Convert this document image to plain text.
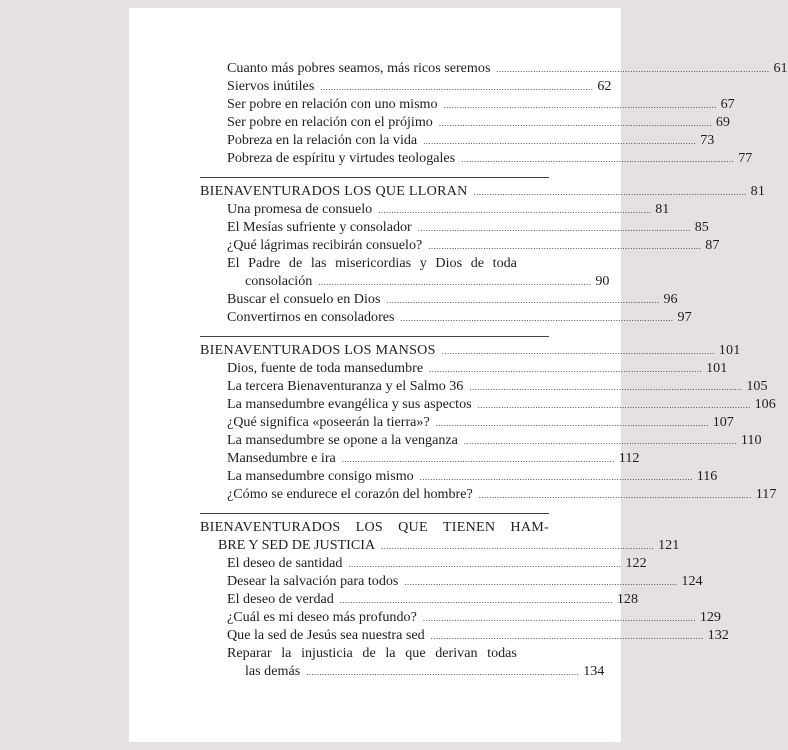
Cuanto más pobres seamos, más ricos seremos ........................................................................................................ 61
Siervos inútiles ........................................................................................................ 62
Ser pobre en relación con uno mismo ........................................................................................................ 67
Ser pobre en relación con el prójimo ........................................................................................................ 69
Pobreza en la relación con la vida ........................................................................................................ 73
Pobreza de espíritu y virtudes teologales ........................................................................................................ 77
BIENAVENTURADOS LOS QUE LLORAN ........................................................................................................ 81
Una promesa de consuelo ........................................................................................................ 81
El Mesías sufriente y consolador ........................................................................................................ 85
¿Qué lágrimas recibirán consuelo? ........................................................................................................ 87
El Padre de las misericordias y Dios de toda
consolación ........................................................................................................ 90
Buscar el consuelo en Dios ........................................................................................................ 96
Convertirnos en consoladores ........................................................................................................ 97
BIENAVENTURADOS LOS MANSOS ........................................................................................................ 101
Dios, fuente de toda mansedumbre ........................................................................................................ 101
La tercera Bienaventuranza y el Salmo 36 ........................................................................................................ 105
La mansedumbre evangélica y sus aspectos ........................................................................................................ 106
¿Qué significa «poseerán la tierra»? ........................................................................................................ 107
La mansedumbre se opone a la venganza ........................................................................................................ 110
Mansedumbre e ira ........................................................................................................ 112
La mansedumbre consigo mismo ........................................................................................................ 116
¿Cómo se endurece el corazón del hombre? ........................................................................................................ 117
BIENAVENTURADOS LOS QUE TIENEN HAM-
BRE Y SED DE JUSTICIA ........................................................................................................ 121
El deseo de santidad ........................................................................................................ 122
Desear la salvación para todos ........................................................................................................ 124
El deseo de verdad ........................................................................................................ 128
¿Cuál es mi deseo más profundo? ........................................................................................................ 129
Que la sed de Jesús sea nuestra sed ........................................................................................................ 132
Reparar la injusticia de la que derivan todas
las demás ........................................................................................................ 134
